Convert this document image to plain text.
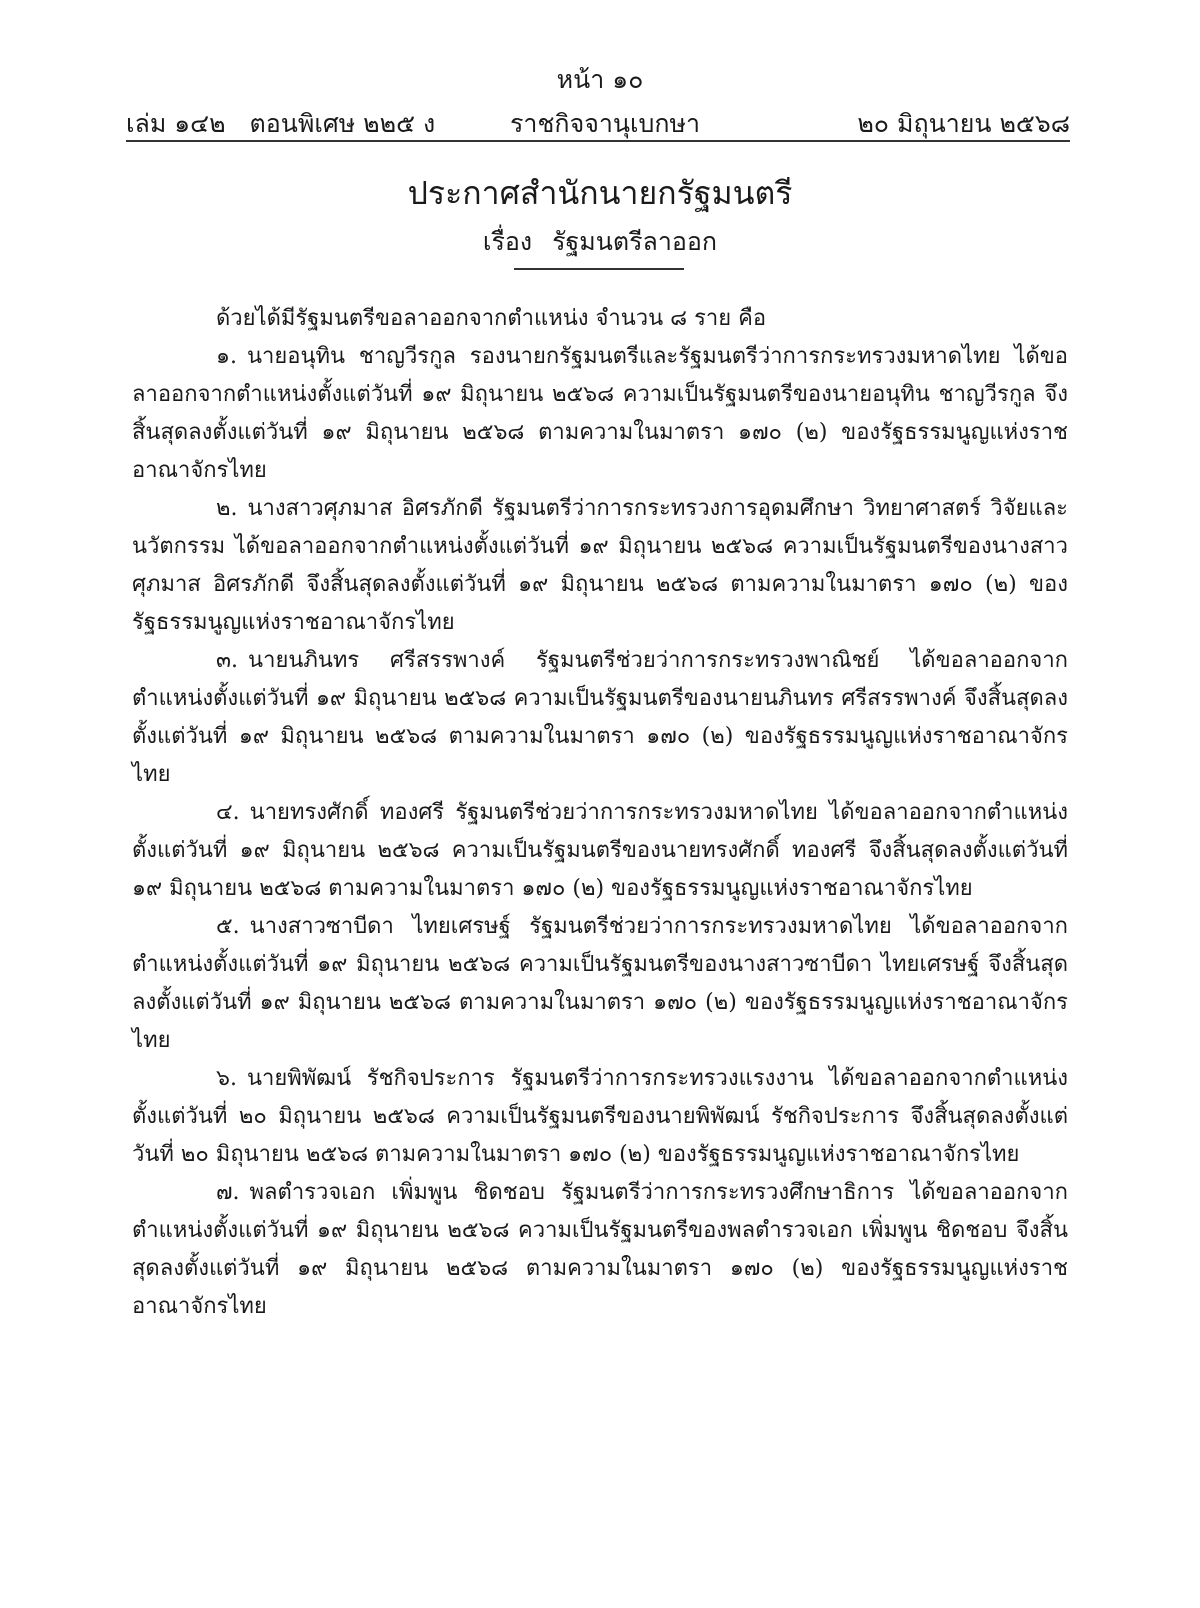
หน้า ๑๐
เล่ม ๑๔๒ ตอนพิเศษ ๒๒๕ ง	ราชกิจจานุเบกษา	๒๐ มิถุนายน ๒๕๖๘
ประกาศสำนักนายกรัฐมนตรี
เรื่อง รัฐมนตรีลาออก

ด้วยได้มีรัฐมนตรีขอลาออกจากตำแหน่ง จำนวน ๘ ราย คือ

๑. นายอนุทิน ชาญวีรกูล รองนายกรัฐมนตรีและรัฐมนตรีว่าการกระทรวงมหาดไทย ได้ขอลาออกจากตำแหน่งตั้งแต่วันที่ ๑๙ มิถุนายน ๒๕๖๘ ความเป็นรัฐมนตรีของนายอนุทิน ชาญวีรกูล จึงสิ้นสุดลงตั้งแต่วันที่ ๑๙ มิถุนายน ๒๕๖๘ ตามความในมาตรา ๑๗๐ (๒) ของรัฐธรรมนูญแห่งราชอาณาจักรไทย

๒. นางสาวศุภมาส อิศรภักดี รัฐมนตรีว่าการกระทรวงการอุดมศึกษา วิทยาศาสตร์ วิจัยและนวัตกรรม ได้ขอลาออกจากตำแหน่งตั้งแต่วันที่ ๑๙ มิถุนายน ๒๕๖๘ ความเป็นรัฐมนตรีของนางสาวศุภมาส อิศรภักดี จึงสิ้นสุดลงตั้งแต่วันที่ ๑๙ มิถุนายน ๒๕๖๘ ตามความในมาตรา ๑๗๐ (๒) ของรัฐธรรมนูญแห่งราชอาณาจักรไทย

๓. นายนภินทร ศรีสรรพางค์ รัฐมนตรีช่วยว่าการกระทรวงพาณิชย์ ได้ขอลาออกจากตำแหน่งตั้งแต่วันที่ ๑๙ มิถุนายน ๒๕๖๘ ความเป็นรัฐมนตรีของนายนภินทร ศรีสรรพางค์ จึงสิ้นสุดลงตั้งแต่วันที่ ๑๙ มิถุนายน ๒๕๖๘ ตามความในมาตรา ๑๗๐ (๒) ของรัฐธรรมนูญแห่งราชอาณาจักรไทย

๔. นายทรงศักดิ์ ทองศรี รัฐมนตรีช่วยว่าการกระทรวงมหาดไทย ได้ขอลาออกจากตำแหน่งตั้งแต่วันที่ ๑๙ มิถุนายน ๒๕๖๘ ความเป็นรัฐมนตรีของนายทรงศักดิ์ ทองศรี จึงสิ้นสุดลงตั้งแต่วันที่ ๑๙ มิถุนายน ๒๕๖๘ ตามความในมาตรา ๑๗๐ (๒) ของรัฐธรรมนูญแห่งราชอาณาจักรไทย

๕. นางสาวซาบีดา ไทยเศรษฐ์ รัฐมนตรีช่วยว่าการกระทรวงมหาดไทย ได้ขอลาออกจากตำแหน่งตั้งแต่วันที่ ๑๙ มิถุนายน ๒๕๖๘ ความเป็นรัฐมนตรีของนางสาวซาบีดา ไทยเศรษฐ์ จึงสิ้นสุดลงตั้งแต่วันที่ ๑๙ มิถุนายน ๒๕๖๘ ตามความในมาตรา ๑๗๐ (๒) ของรัฐธรรมนูญแห่งราชอาณาจักรไทย

๖. นายพิพัฒน์ รัชกิจประการ รัฐมนตรีว่าการกระทรวงแรงงาน ได้ขอลาออกจากตำแหน่งตั้งแต่วันที่ ๒๐ มิถุนายน ๒๕๖๘ ความเป็นรัฐมนตรีของนายพิพัฒน์ รัชกิจประการ จึงสิ้นสุดลงตั้งแต่วันที่ ๒๐ มิถุนายน ๒๕๖๘ ตามความในมาตรา ๑๗๐ (๒) ของรัฐธรรมนูญแห่งราชอาณาจักรไทย

๗. พลตำรวจเอก เพิ่มพูน ชิดชอบ รัฐมนตรีว่าการกระทรวงศึกษาธิการ ได้ขอลาออกจากตำแหน่งตั้งแต่วันที่ ๑๙ มิถุนายน ๒๕๖๘ ความเป็นรัฐมนตรีของพลตำรวจเอก เพิ่มพูน ชิดชอบ จึงสิ้นสุดลงตั้งแต่วันที่ ๑๙ มิถุนายน ๒๕๖๘ ตามความในมาตรา ๑๗๐ (๒) ของรัฐธรรมนูญแห่งราชอาณาจักรไทย
